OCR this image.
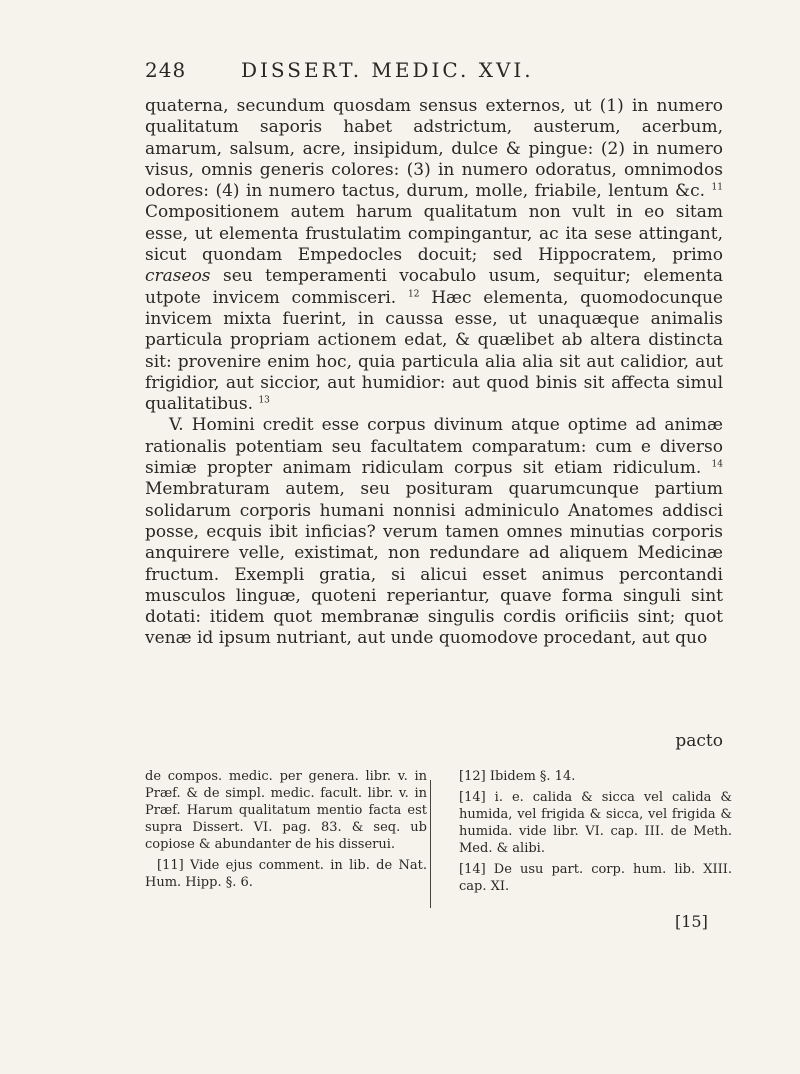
248	DISSERT. MEDIC. XVI.

quaterna, secundum quosdam sensus externos, ut (1) in numero qualitatum saporis habet adstrictum, austerum, acerbum, amarum, salsum, acre, insipidum, dulce & pingue: (2) in numero visus, omnis generis colores: (3) in numero odoratus, omnimodos odores: (4) in numero tactus, durum, molle, friabile, lentum &c. $^{11}$ Compositionem autem harum qualitatum non vult in eo sitam esse, ut elementa frustulatim compingantur, ac ita sese attingant, sicut quondam Empedocles docuit; sed Hippocratem, primo craseos seu temperamenti vocabulo usum, sequitur; elementa utpote invicem commisceri. $^{12}$ Hæc elementa, quomodocunque invicem mixta fuerint, in caussa esse, ut unaquæque animalis particula propriam actionem edat, & quælibet ab altera distincta sit: provenire enim hoc, quia particula alia alia sit aut calidior, aut frigidior, aut siccior, aut humidior: aut quod binis sit affecta simul qualitatibus. $^{13}$

V. Homini credit esse corpus divinum atque optime ad animæ rationalis potentiam seu facultatem comparatum: cum e diverso simiæ propter animam ridiculam corpus sit etiam ridiculum. $^{14}$ Membraturam autem, seu posituram quarumcunque partium solidarum corporis humani nonnisi adminiculo Anatomes addisci posse, ecquis ibit inficias? verum tamen omnes minutias corporis anquirere velle, existimat, non redundare ad aliquem Medicinæ fructum. Exempli gratia, si alicui esset animus percontandi musculos linguæ, quoteni reperiantur, quave forma singuli sint dotati: itidem quot membranæ singulis cordis orificiis sint; quot venæ id ipsum nutriant, aut unde quomodove procedant, aut quo

pacto

de compos. medic. per genera. libr. v. in Præf. & de simpl. medic. facult. libr. v. in Præf. Harum qualitatum mentio facta est supra Dissert. VI. pag. 83. & seq. ub copiose & abundanter de his disserui.

[11] Vide ejus comment. in lib. de Nat. Hum. Hipp. §. 6.

[12] Ibidem §. 14.

[14] i. e. calida & sicca vel calida & humida, vel frigida & sicca, vel frigida & humida. vide libr. VI. cap. III. de Meth. Med. & alibi.

[14] De usu part. corp. hum. lib. XIII. cap. XI.

[15]
